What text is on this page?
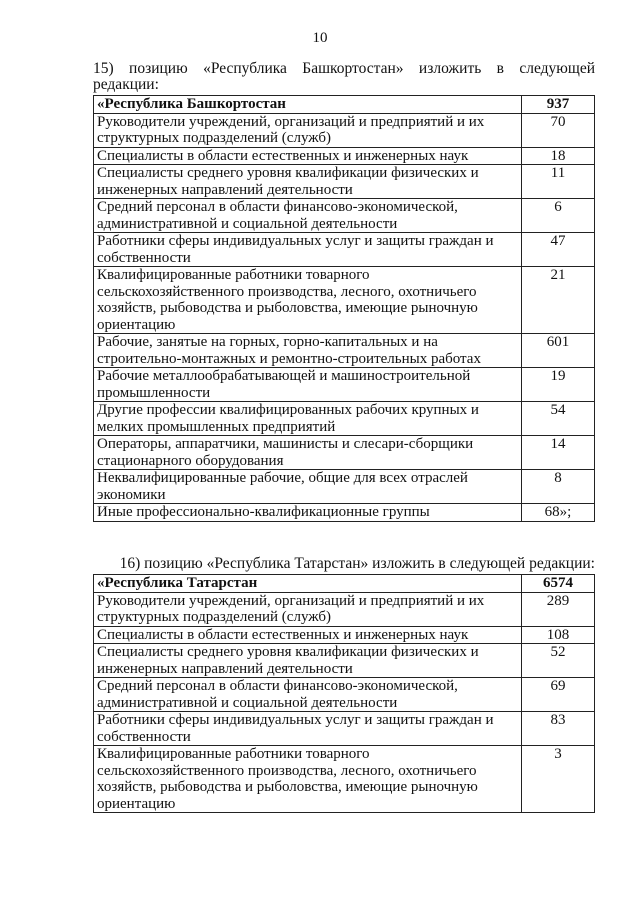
10
15) позицию «Республика Башкортостан» изложить в следующей
редакции:
«Республика Башкортостан	937
Руководители учреждений, организаций и предприятий и их структурных подразделений (служб)	70
Специалисты в области естественных и инженерных наук	18
Специалисты среднего уровня квалификации физических и инженерных направлений деятельности	11
Средний персонал в области финансово-экономической, административной и социальной деятельности	6
Работники сферы индивидуальных услуг и защиты граждан и собственности	47
Квалифицированные работники товарного сельскохозяйственного производства, лесного, охотничьего хозяйств, рыбоводства и рыболовства, имеющие рыночную ориентацию	21
Рабочие, занятые на горных, горно-капитальных и на строительно-монтажных и ремонтно-строительных работах	601
Рабочие металлообрабатывающей и машиностроительной промышленности	19
Другие профессии квалифицированных рабочих крупных и мелких промышленных предприятий	54
Операторы, аппаратчики, машинисты и слесари-сборщики стационарного оборудования	14
Неквалифицированные рабочие, общие для всех отраслей экономики	8
Иные профессионально-квалификационные группы	68»;
16) позицию «Республика Татарстан» изложить в следующей редакции:
«Республика Татарстан	6574
Руководители учреждений, организаций и предприятий и их структурных подразделений (служб)	289
Специалисты в области естественных и инженерных наук	108
Специалисты среднего уровня квалификации физических и инженерных направлений деятельности	52
Средний персонал в области финансово-экономической, административной и социальной деятельности	69
Работники сферы индивидуальных услуг и защиты граждан и собственности	83
Квалифицированные работники товарного сельскохозяйственного производства, лесного, охотничьего хозяйств, рыбоводства и рыболовства, имеющие рыночную ориентацию	3
